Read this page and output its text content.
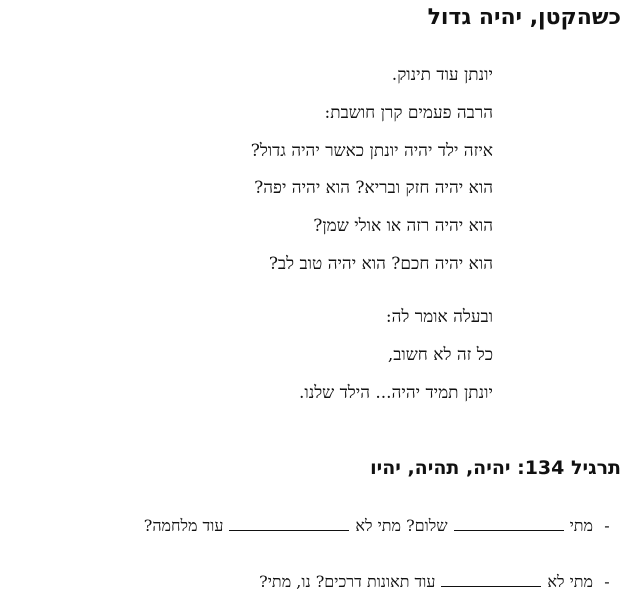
כשהקטן, יהיה גדול
יונתן עוד תינוק.
הרבה פעמים קרן חושבת:
איזה ילד יהיה יונתן כאשר יהיה גדול?
הוא יהיה חזק ובריא? הוא יהיה יפה?
הוא יהיה רזה או אולי שמן?
הוא יהיה חכם? הוא יהיה טוב לב?
ובעלה אומר לה:
כל זה לא חשוב,
יונתן תמיד יהיה... הילד שלנו.
תרגיל 134: יהיה, תהיה, יהיו
-
מתי
שלום? מתי לא
עוד מלחמה?
-
מתי לא
עוד תאונות דרכים? נו, מתי?
